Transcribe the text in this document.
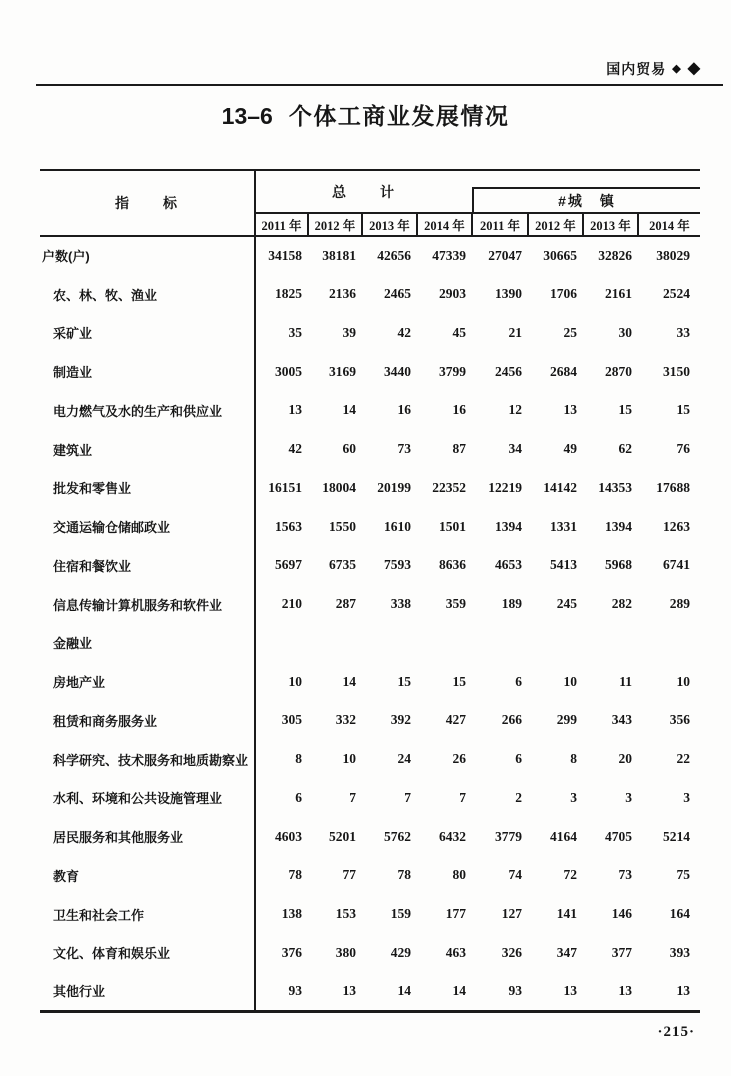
国内贸易 ◆ ◆
13–6 个体工商业发展情况
指　　标	总　　计				#城　镇			

	2011 年	2012 年	2013 年	2014 年	2011 年	2012 年	2013 年	2014 年
户数(户)	34158	38181	42656	47339	27047	30665	32826	38029
农、林、牧、渔业	1825	2136	2465	2903	1390	1706	2161	2524
采矿业	35	39	42	45	21	25	30	33
制造业	3005	3169	3440	3799	2456	2684	2870	3150
电力燃气及水的生产和供应业	13	14	16	16	12	13	15	15
建筑业	42	60	73	87	34	49	62	76
批发和零售业	16151	18004	20199	22352	12219	14142	14353	17688
交通运输仓储邮政业	1563	1550	1610	1501	1394	1331	1394	1263
住宿和餐饮业	5697	6735	7593	8636	4653	5413	5968	6741
信息传输计算机服务和软件业	210	287	338	359	189	245	282	289
金融业								
房地产业	10	14	15	15	6	10	11	10
租赁和商务服务业	305	332	392	427	266	299	343	356
科学研究、技术服务和地质勘察业	8	10	24	26	6	8	20	22
水利、环境和公共设施管理业	6	7	7	7	2	3	3	3
居民服务和其他服务业	4603	5201	5762	6432	3779	4164	4705	5214
教育	78	77	78	80	74	72	73	75
卫生和社会工作	138	153	159	177	127	141	146	164
文化、体育和娱乐业	376	380	429	463	326	347	377	393
其他行业	93	13	14	14	93	13	13	13
·215·
